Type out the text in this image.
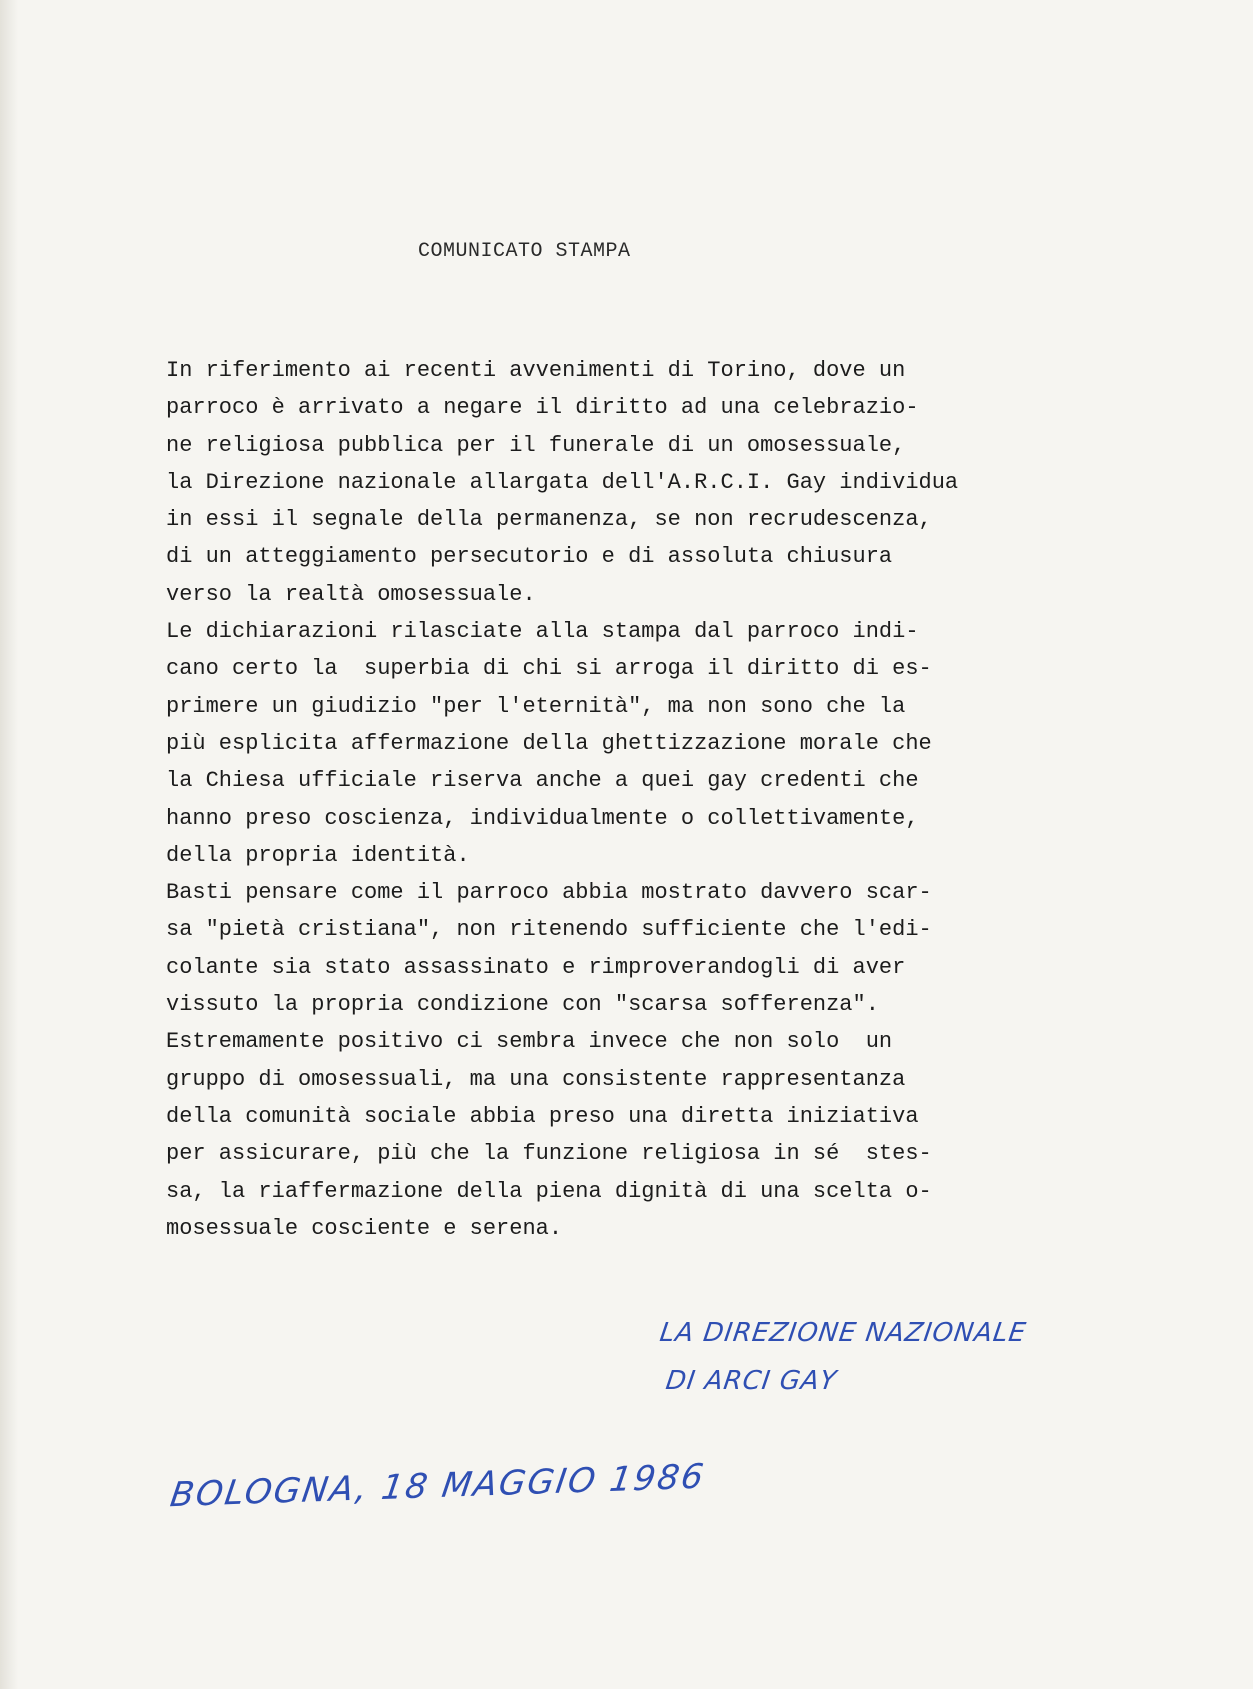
COMUNICATO STAMPA
In riferimento ai recenti avvenimenti di Torino, dove un
parroco è arrivato a negare il diritto ad una celebrazio-
ne religiosa pubblica per il funerale di un omosessuale,
la Direzione nazionale allargata dell'A.R.C.I. Gay individua
in essi il segnale della permanenza, se non recrudescenza,
di un atteggiamento persecutorio e di assoluta chiusura
verso la realtà omosessuale.
Le dichiarazioni rilasciate alla stampa dal parroco indi-
cano certo la  superbia di chi si arroga il diritto di es-
primere un giudizio "per l'eternità", ma non sono che la
più esplicita affermazione della ghettizzazione morale che
la Chiesa ufficiale riserva anche a quei gay credenti che
hanno preso coscienza, individualmente o collettivamente,
della propria identità.
Basti pensare come il parroco abbia mostrato davvero scar-
sa "pietà cristiana", non ritenendo sufficiente che l'edi-
colante sia stato assassinato e rimproverandogli di aver
vissuto la propria condizione con "scarsa sofferenza".
Estremamente positivo ci sembra invece che non solo  un
gruppo di omosessuali, ma una consistente rappresentanza
della comunità sociale abbia preso una diretta iniziativa
per assicurare, più che la funzione religiosa in sé  stes-
sa, la riaffermazione della piena dignità di una scelta o-
mosessuale cosciente e serena.
LA DIREZIONE NAZIONALE
DI ARCI GAY
BOLOGNA, 18 MAGGIO 1986
